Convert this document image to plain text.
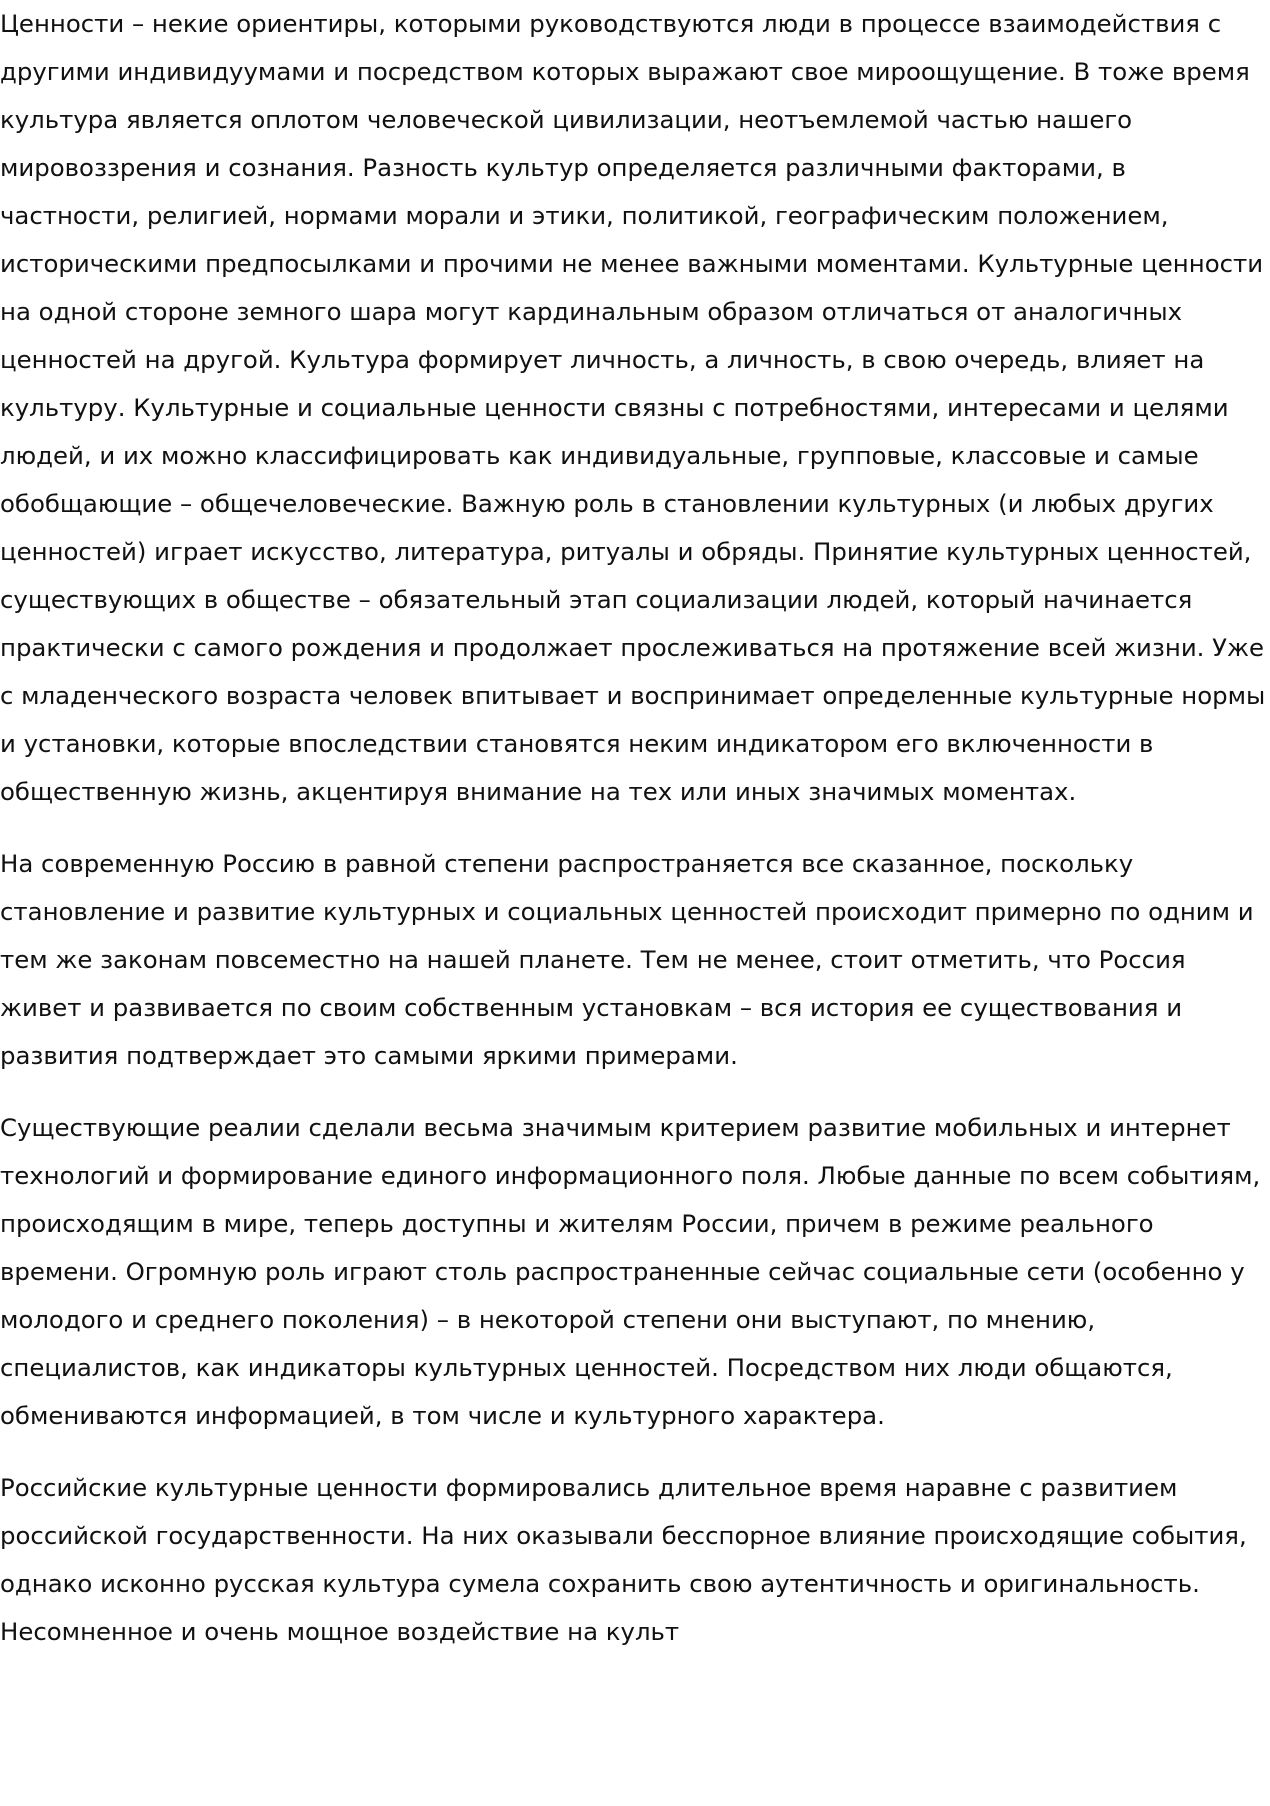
Ценности – некие ориентиры, которыми руководствуются люди в процессе взаимодействия с другими индивидуумами и посредством которых выражают свое мироощущение. В тоже время культура является оплотом человеческой цивилизации, неотъемлемой частью нашего мировоззрения и сознания. Разность культур определяется различными факторами, в частности, религией, нормами морали и этики, политикой, географическим положением, историческими предпосылками и прочими не менее важными моментами. Культурные ценности на одной стороне земного шара могут кардинальным образом отличаться от аналогичных ценностей на другой. Культура формирует личность, а личность, в свою очередь, влияет на культуру. Культурные и социальные ценности связны с потребностями, интересами и целями людей, и их можно классифицировать как индивидуальные, групповые, классовые и самые обобщающие – общечеловеческие. Важную роль в становлении культурных (и любых других ценностей) играет искусство, литература, ритуалы и обряды. Принятие культурных ценностей, существующих в обществе – обязательный этап социализации людей, который начинается практически с самого рождения и продолжает прослеживаться на протяжение всей жизни. Уже с младенческого возраста человек впитывает и воспринимает определенные культурные нормы и установки, которые впоследствии становятся неким индикатором его включенности в общественную жизнь, акцентируя внимание на тех или иных значимых моментах.

На современную Россию в равной степени распространяется все сказанное, поскольку становление и развитие культурных и социальных ценностей происходит примерно по одним и тем же законам повсеместно на нашей планете. Тем не менее, стоит отметить, что Россия живет и развивается по своим собственным установкам – вся история ее существования и развития подтверждает это самыми яркими примерами.

Существующие реалии сделали весьма значимым критерием развитие мобильных и интернет технологий и формирование единого информационного поля. Любые данные по всем событиям, происходящим в мире, теперь доступны и жителям России, причем в режиме реального времени. Огромную роль играют столь распространенные сейчас социальные сети (особенно у молодого и среднего поколения) – в некоторой степени они выступают, по мнению, специалистов, как индикаторы культурных ценностей. Посредством них люди общаются, обмениваются информацией, в том числе и культурного характера.

Российские культурные ценности формировались длительное время наравне с развитием российской государственности. На них оказывали бесспорное влияние происходящие события, однако исконно русская культура сумела сохранить свою аутентичность и оригинальность. Несомненное и очень мощное воздействие на культ
